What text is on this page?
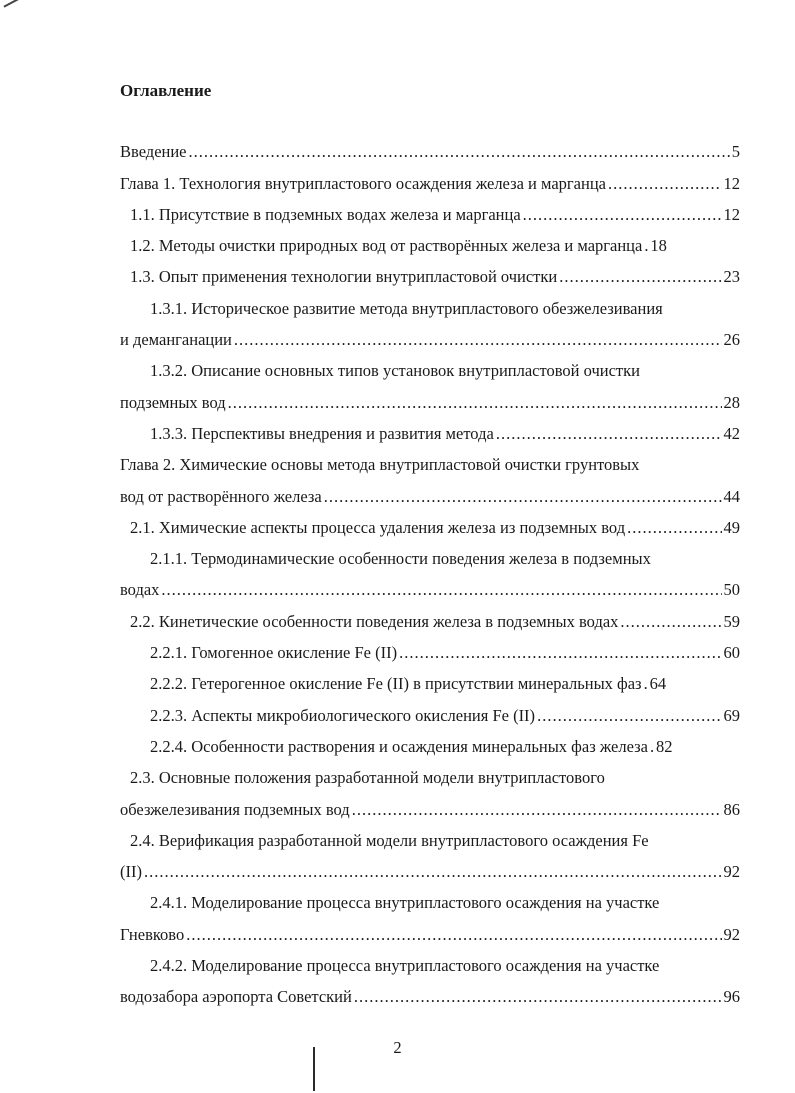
Оглавление
Введение .....	5
Глава 1. Технология внутрипластового осаждения железа и марганца .....	12
1.1. Присутствие в подземных водах железа и марганца .....	12
1.2. Методы очистки природных вод от растворённых железа и марганца ..... 18
1.3. Опыт применения технологии внутрипластовой очистки .....	23
1.3.1. Историческое развитие метода внутрипластового обезжелезивания
и деманганации .....	26
1.3.2. Описание основных типов установок внутрипластовой очистки
подземных вод .....	28
1.3.3. Перспективы внедрения и развития метода .....	42
Глава 2. Химические основы метода внутрипластовой очистки грунтовых
вод от растворённого железа .....	44
2.1. Химические аспекты процесса удаления железа из подземных вод .....	49
2.1.1. Термодинамические особенности поведения железа в подземных
водах .....	50
2.2. Кинетические особенности поведения железа в подземных водах .....	59
2.2.1. Гомогенное окисление Fe (II) .....	60
2.2.2. Гетерогенное окисление Fe (II) в присутствии минеральных фаз ..... 64
2.2.3. Аспекты микробиологического окисления Fe (II) .....	69
2.2.4. Особенности растворения и осаждения минеральных фаз железа ..... 82
2.3. Основные положения разработанной модели внутрипластового
обезжелезивания подземных вод .....	86
2.4. Верификация разработанной модели внутрипластового осаждения Fe
(II) .....	92
2.4.1. Моделирование процесса внутрипластового осаждения на участке
Гневково .....	92
2.4.2. Моделирование процесса внутрипластового осаждения на участке
водозабора аэропорта Советский .....	96
2
